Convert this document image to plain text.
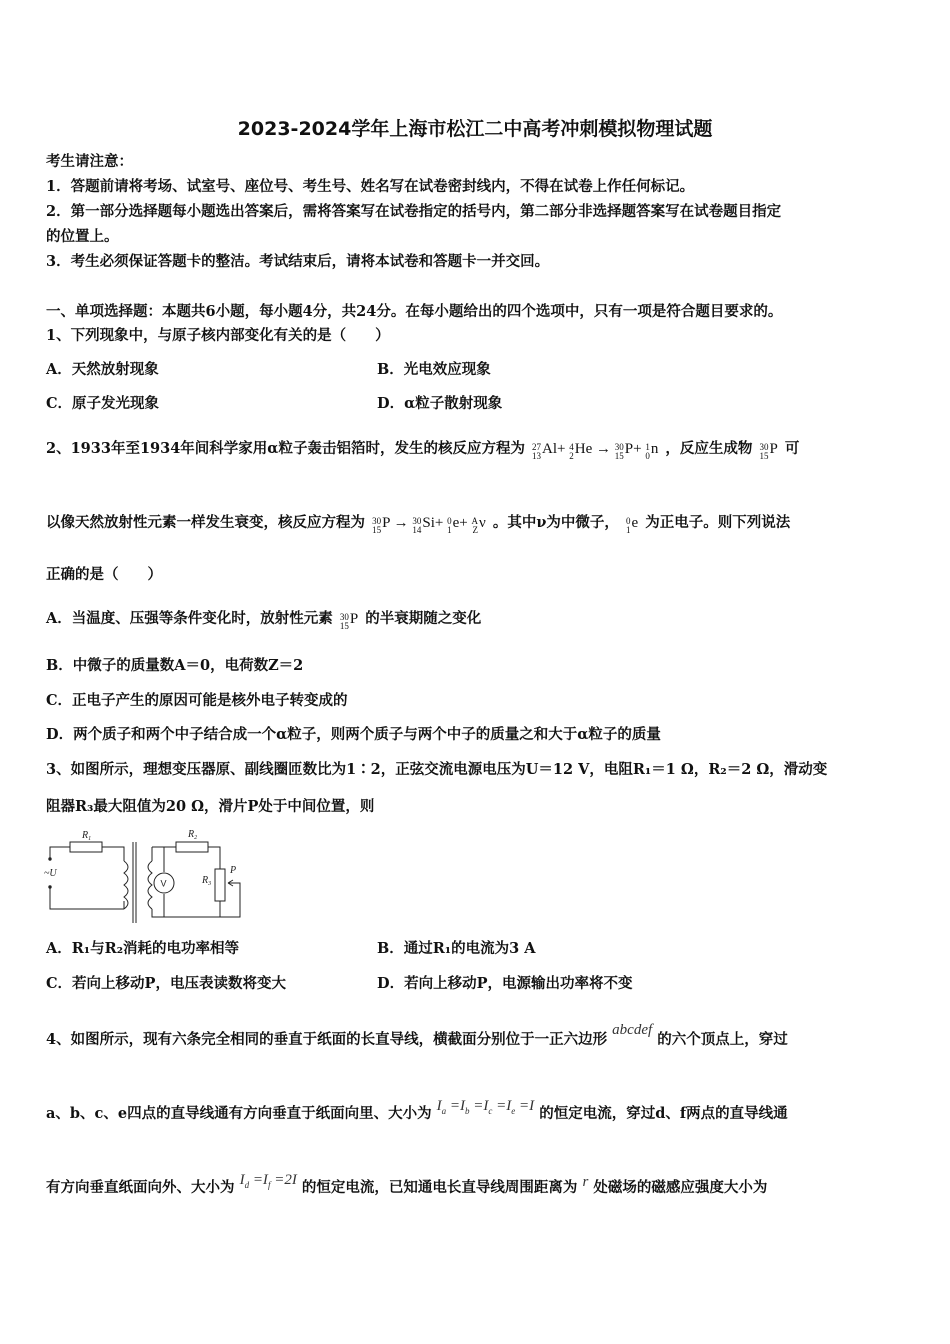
2023-2024学年上海市松江二中高考冲刺模拟物理试题
考生请注意：
1．答题前请将考场、试室号、座位号、考生号、姓名写在试卷密封线内，不得在试卷上作任何标记。
2．第一部分选择题每小题选出答案后，需将答案写在试卷指定的括号内，第二部分非选择题答案写在试卷题目指定
的位置上。
3．考生必须保证答题卡的整洁。考试结束后，请将本试卷和答题卡一并交回。
一、单项选择题：本题共6小题，每小题4分，共24分。在每小题给出的四个选项中，只有一项是符合题目要求的。
1、下列现象中，与原子核内部变化有关的是（　　）
A．天然放射现象	B．光电效应现象
C．原子发光现象	D．α粒子散射现象
2、1933年至1934年间科学家用α粒子轰击铝箔时，发生的核反应方程为 27
13 Al+ 4
2 He → 30
15 P+ 1
0 n ，反应生成物 30
15 P 可
以像天然放射性元素一样发生衰变，核反应方程为 30
15 P → 30
14 Si+ 0
1 e+ A
Z ν 。其中ν为中微子， 0
1 e 为正电子。则下列说法
正确的是（　　）
A．当温度、压强等条件变化时，放射性元素 30
15 P 的半衰期随之变化
B．中微子的质量数A＝0，电荷数Z＝2
C．正电子产生的原因可能是核外电子转变成的
D．两个质子和两个中子结合成一个α粒子，则两个质子与两个中子的质量之和大于α粒子的质量
3、如图所示，理想变压器原、副线圈匝数比为1∶2，正弦交流电源电压为U＝12 V，电阻R₁＝1 Ω，R₂＝2 Ω，滑动变
阻器R₃最大阻值为20 Ω，滑片P处于中间位置，则
$R_1$	$R_2$
$R_3$
P
~U
V
A．R₁与R₂消耗的电功率相等	B．通过R₁的电流为3 A
C．若向上移动P，电压表读数将变大	D．若向上移动P，电源输出功率将不变
4、如图所示，现有六条完全相同的垂直于纸面的长直导线，横截面分别位于一正六边形 abcdef 的六个顶点上，穿过
a、b、c、e四点的直导线通有方向垂直于纸面向里、大小为 $I_a =I_b =I_c =I_e =I$ 的恒定电流，穿过d、f两点的直导线通
有方向垂直纸面向外、大小为 $I_d =I_f =2I$ 的恒定电流，已知通电长直导线周围距离为 r 处磁场的磁感应强度大小为
